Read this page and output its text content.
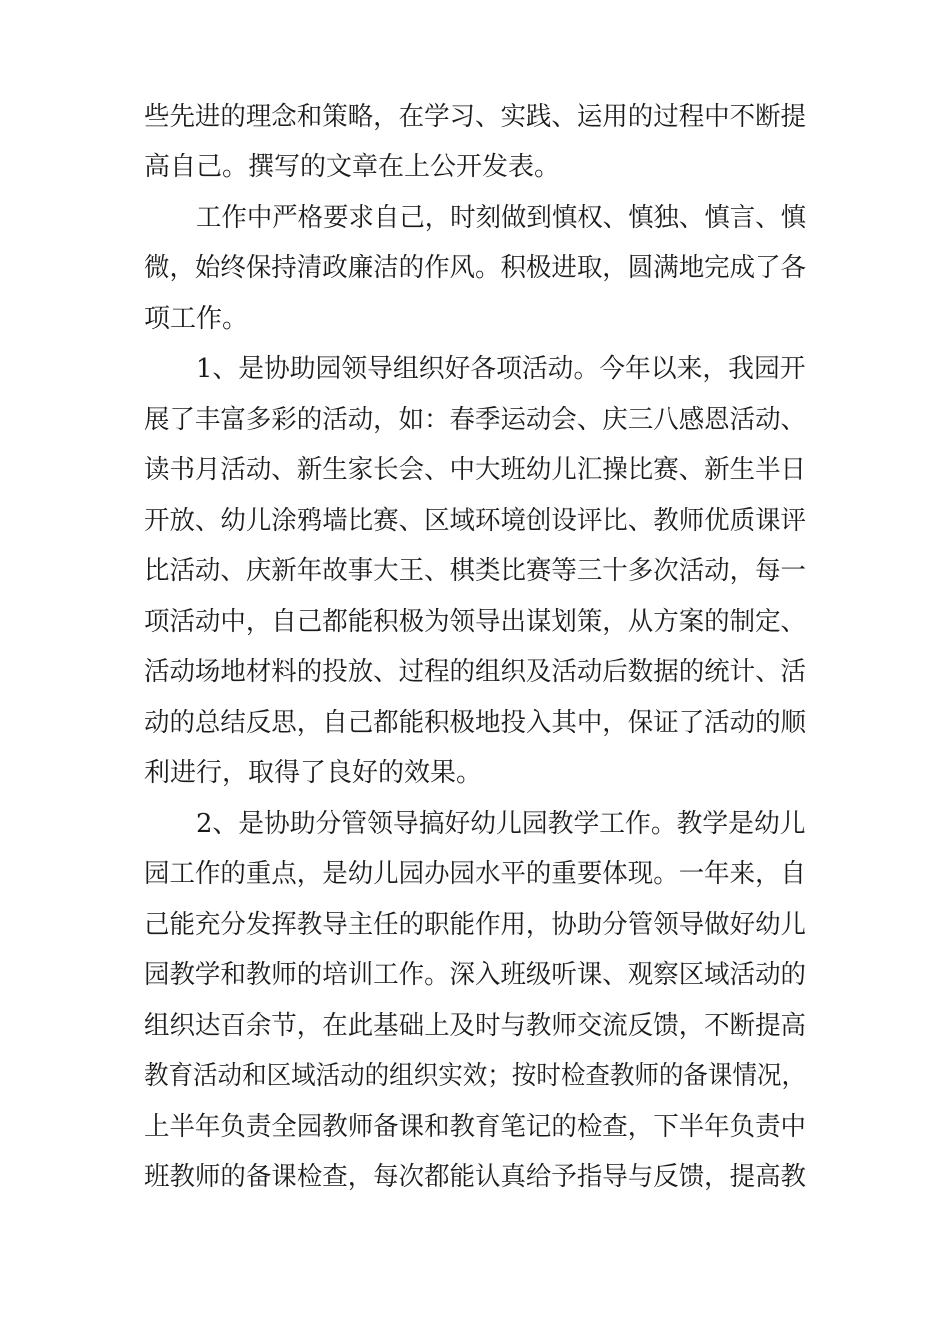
些先进的理念和策略，在学习、实践、运用的过程中不断提
高自己。撰写的文章在上公开发表。
工作中严格要求自己，时刻做到慎权、慎独、慎言、慎
微，始终保持清政廉洁的作风。积极进取，圆满地完成了各
项工作。
1、是协助园领导组织好各项活动。今年以来，我园开
展了丰富多彩的活动，如：春季运动会、庆三八感恩活动、
读书月活动、新生家长会、中大班幼儿汇操比赛、新生半日
开放、幼儿涂鸦墙比赛、区域环境创设评比、教师优质课评
比活动、庆新年故事大王、棋类比赛等三十多次活动，每一
项活动中，自己都能积极为领导出谋划策，从方案的制定、
活动场地材料的投放、过程的组织及活动后数据的统计、活
动的总结反思，自己都能积极地投入其中，保证了活动的顺
利进行，取得了良好的效果。
2、是协助分管领导搞好幼儿园教学工作。教学是幼儿
园工作的重点，是幼儿园办园水平的重要体现。一年来，自
己能充分发挥教导主任的职能作用，协助分管领导做好幼儿
园教学和教师的培训工作。深入班级听课、观察区域活动的
组织达百余节，在此基础上及时与教师交流反馈，不断提高
教育活动和区域活动的组织实效；按时检查教师的备课情况，
上半年负责全园教师备课和教育笔记的检查，下半年负责中
班教师的备课检查，每次都能认真给予指导与反馈，提高教
